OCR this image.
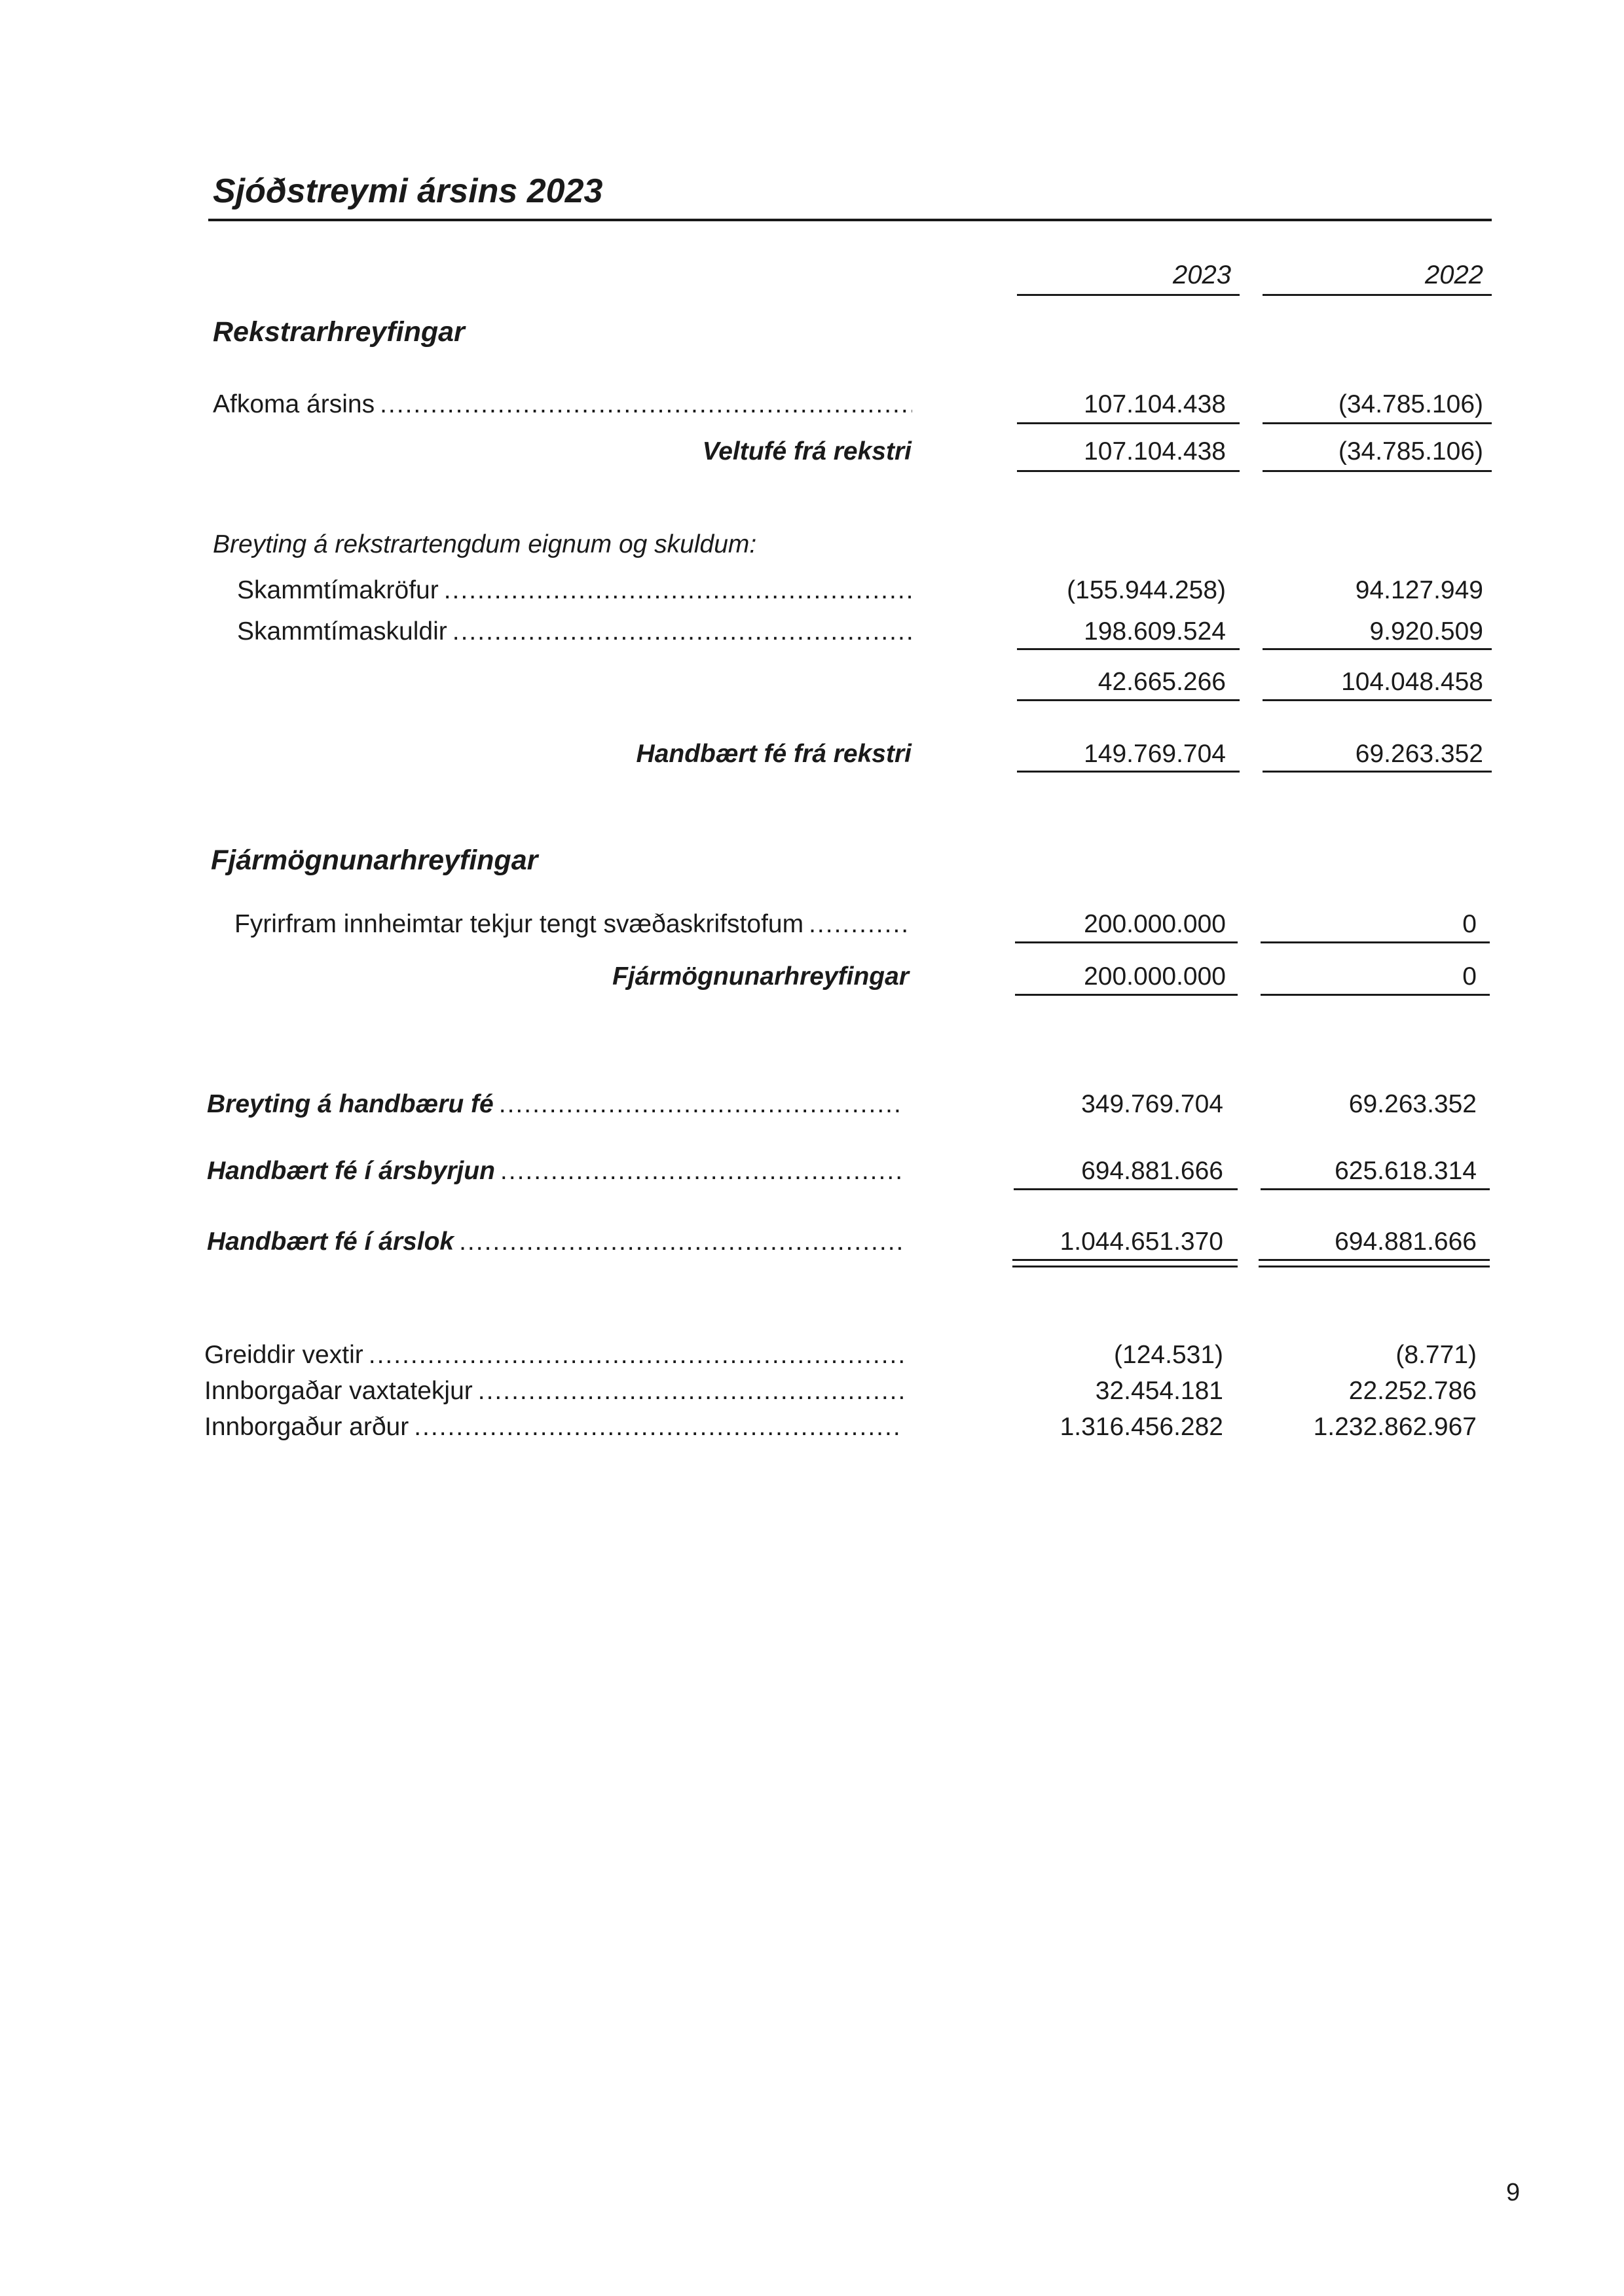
Sjóðstreymi ársins 2023
2023	2022
Rekstrarhreyfingar
Afkoma ársins .....	107.104.438	(34.785.106)
Veltufé frá rekstri	107.104.438	(34.785.106)
Breyting á rekstrartengdum eignum og skuldum:
Skammtímakröfur .....	(155.944.258)	94.127.949
Skammtímaskuldir .....	198.609.524	9.920.509
42.665.266	104.048.458
Handbært fé frá rekstri	149.769.704	69.263.352
Fjármögnunarhreyfingar
Fyrirfram innheimtar tekjur tengt svæðaskrifstofum .....	200.000.000	0
Fjármögnunarhreyfingar	200.000.000	0
Breyting á handbæru fé .....	349.769.704	69.263.352
Handbært fé í ársbyrjun .....	694.881.666	625.618.314
Handbært fé í árslok .....	1.044.651.370	694.881.666
Greiddir vextir .....	(124.531)	(8.771)
Innborgaðar vaxtatekjur .....	32.454.181	22.252.786
Innborgaður arður .....	1.316.456.282	1.232.862.967
9
